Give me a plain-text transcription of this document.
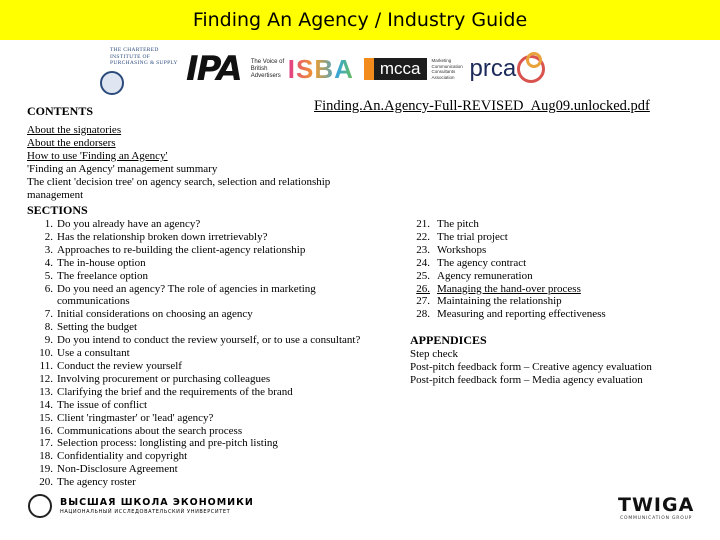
Finding An Agency / Industry Guide
THE CHARTERED INSTITUTE OF PURCHASING & SUPPLY IPA The Voice of British Advertisers ISBA	mcca	Marketing Communication Consultants Association prca
Finding.An.Agency-Full-REVISED_Aug09.unlocked.pdf
CONTENTS
About the signatories
About the endorsers
How to use 'Finding an Agency'
'Finding an Agency' management summary
The client 'decision tree' on agency search, selection and relationship management
SECTIONS
1. Do you already have an agency?
2. Has the relationship broken down irretrievably?
3. Approaches to re-building the client-agency relationship
4. The in-house option
5. The freelance option
6. Do you need an agency? The role of agencies in marketing
communications
7. Initial considerations on choosing an agency
8. Setting the budget
9. Do you intend to conduct the review yourself, or to use a consultant?
10. Use a consultant
11. Conduct the review yourself
12. Involving procurement or purchasing colleagues
13. Clarifying the brief and the requirements of the brand
14. The issue of conflict
15. Client 'ringmaster' or 'lead' agency?
16. Communications about the search process
17. Selection process: longlisting and pre-pitch listing
18. Confidentiality and copyright
19. Non-Disclosure Agreement
20. The agency roster
21. The pitch
22. The trial project
23. Workshops
24. The agency contract
25. Agency remuneration
26. Managing the hand-over process
27. Maintaining the relationship
28. Measuring and reporting effectiveness
APPENDICES
Step check
Post-pitch feedback form – Creative agency evaluation
Post-pitch feedback form – Media agency evaluation
ВЫСШАЯ ШКОЛА ЭКОНОМИКИ
НАЦИОНАЛЬНЫЙ ИССЛЕДОВАТЕЛЬСКИЙ УНИВЕРСИТЕТ	TWIGA
COMMUNICATION GROUP
